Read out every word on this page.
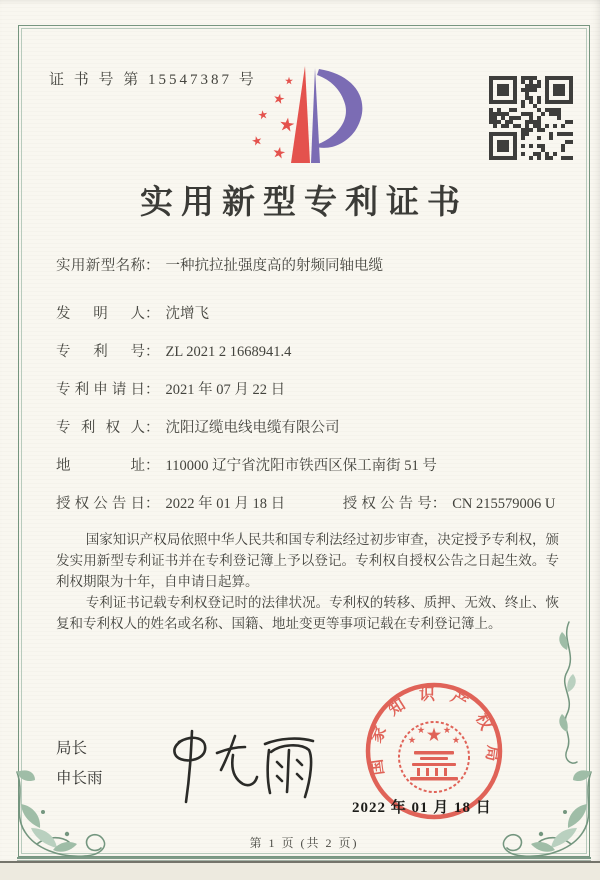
证 书 号 第 15547387 号
实用新型专利证书
实用新型名称： 一种抗拉扯强度高的射频同轴电缆
发明人： 沈增飞
专利号： ZL 2021 2 1668941.4
专利申请日： 2021 年 07 月 22 日
专利权人： 沈阳辽缆电线电缆有限公司
地址： 110000 辽宁省沈阳市铁西区保工南街 51 号
授权公告日： 2022 年 01 月 18 日	授权公告号： CN 215579006 U

国家知识产权局依照中华人民共和国专利法经过初步审查，决定授予专利权，颁发实用新型专利证书并在专利登记簿上予以登记。专利权自授权公告之日起生效。专利权期限为十年，自申请日起算。

专利证书记载专利权登记时的法律状况。专利权的转移、质押、无效、终止、恢复和专利权人的姓名或名称、国籍、地址变更等事项记载在专利登记簿上。

局长
申长雨
国家知识产权局
2022 年 01 月 18 日
第 1 页 (共 2 页)
